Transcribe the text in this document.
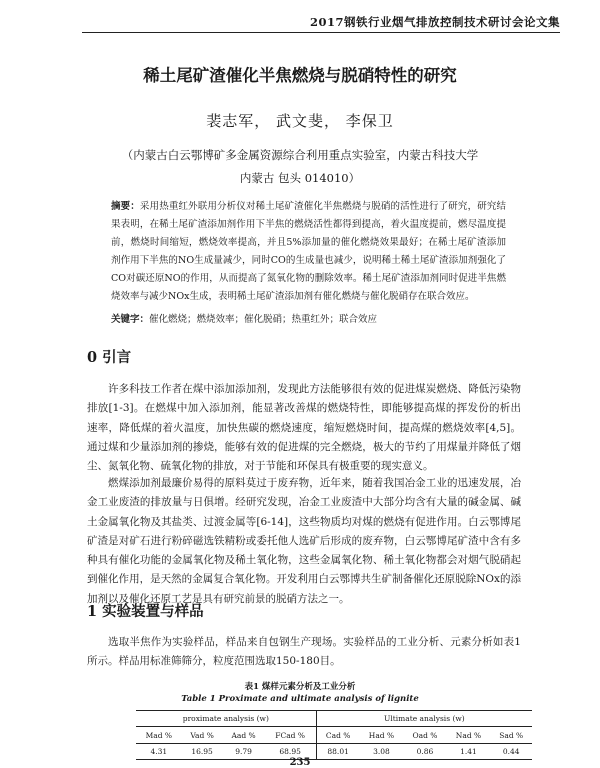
2017钢铁行业烟气排放控制技术研讨会论文集
稀土尾矿渣催化半焦燃烧与脱硝特性的研究
裴志军， 武文斐， 李保卫
（内蒙古白云鄂博矿多金属资源综合利用重点实验室，内蒙古科技大学
内蒙古 包头 014010）
摘要：采用热重红外联用分析仪对稀土尾矿渣催化半焦燃烧与脱硝的活性进行了研究，研究结果表明，在稀土尾矿渣添加剂作用下半焦的燃烧活性都得到提高，着火温度提前，燃尽温度提前，燃烧时间缩短，燃烧效率提高，并且5%添加量的催化燃烧效果最好；在稀土尾矿渣添加剂作用下半焦的NO生成量减少，同时CO的生成量也减少，说明稀土稀土尾矿渣添加剂强化了CO对碳还原NO的作用，从而提高了氮氧化物的删除效率。稀土尾矿渣添加剂同时促进半焦燃烧效率与减少NOx生成，表明稀土尾矿渣添加剂有催化燃烧与催化脱硝存在联合效应。
关键字：催化燃烧；燃烧效率；催化脱硝；热重红外；联合效应
0 引言

许多科技工作者在煤中添加添加剂，发现此方法能够很有效的促进煤炭燃烧、降低污染物排放[1-3]。在燃煤中加入添加剂，能显著改善煤的燃烧特性，即能够提高煤的挥发份的析出速率，降低煤的着火温度，加快焦碳的燃烧速度，缩短燃烧时间，提高煤的燃烧效率[4,5]。通过煤和少量添加剂的掺烧，能够有效的促进煤的完全燃烧，极大的节约了用煤量并降低了烟尘、氮氧化物、硫氧化物的排放，对于节能和环保具有极重要的现实意义。

燃煤添加剂最廉价易得的原料莫过于废弃物，近年来，随着我国冶金工业的迅速发展，冶金工业废渣的排放量与日俱增。经研究发现，冶金工业废渣中大部分均含有大量的碱金属、碱土金属氧化物及其盐类、过渡金属等[6-14]，这些物质均对煤的燃烧有促进作用。白云鄂博尾矿渣是对矿石进行粉碎磁选铁精粉或委托他人选矿后形成的废弃物，白云鄂博尾矿渣中含有多种具有催化功能的金属氧化物及稀土氧化物，这些金属氧化物、稀土氧化物都会对烟气脱硝起到催化作用，是天然的金属复合氧化物。开发利用白云鄂博共生矿制备催化还原脱除NOx的添加剂以及催化还原工艺是具有研究前景的脱硝方法之一。

1 实验装置与样品

选取半焦作为实验样品，样品来自包钢生产现场。实验样品的工业分析、元素分析如表1所示。样品用标准筛筛分，粒度范围选取150-180目。

表1 煤样元素分析及工业分析
Table 1 Proximate and ultimate analysis of lignite
proximate analysis (w)				Ultimate analysis (w)				
Mad %	Vad %	Aad %	FCad %	Cad %	Had %	Oad %	Nad %	Sad %
4.31	16.95	9.79	68.95	88.01	3.08	0.86	1.41	0.44
235
